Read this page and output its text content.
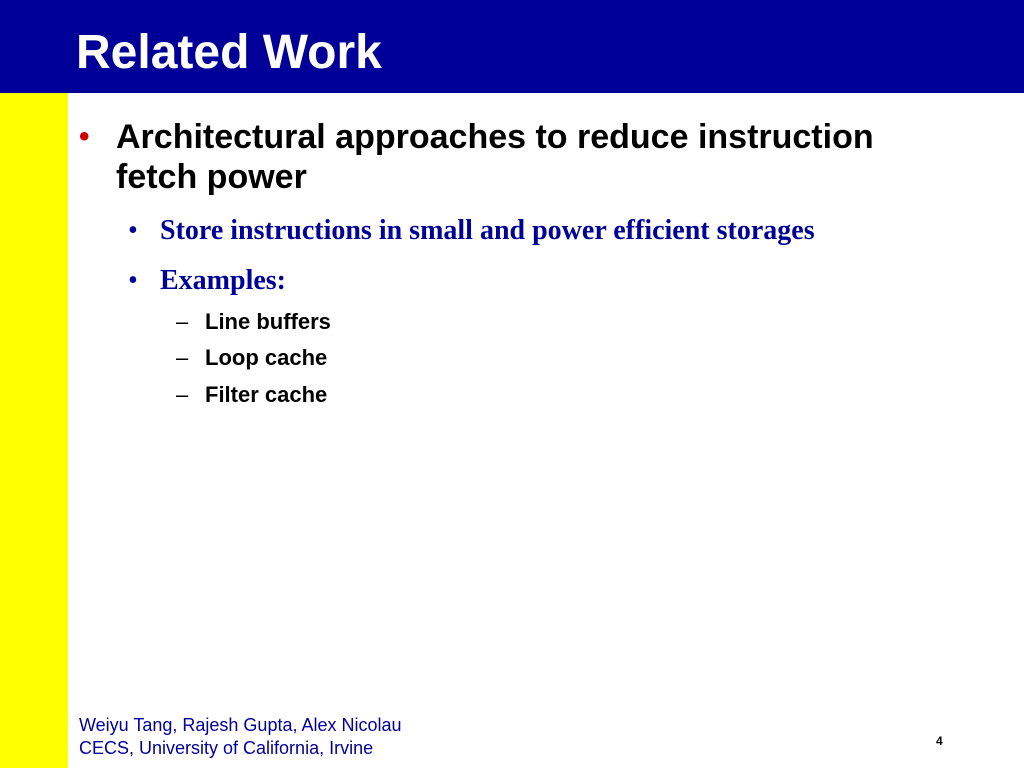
Related Work
• Architectural approaches to reduce instruction fetch power
• Store instructions in small and power efficient storages
• Examples:
– Line buffers
– Loop cache
– Filter cache
Weiyu Tang, Rajesh Gupta, Alex Nicolau
CECS, University of California, Irvine	4
